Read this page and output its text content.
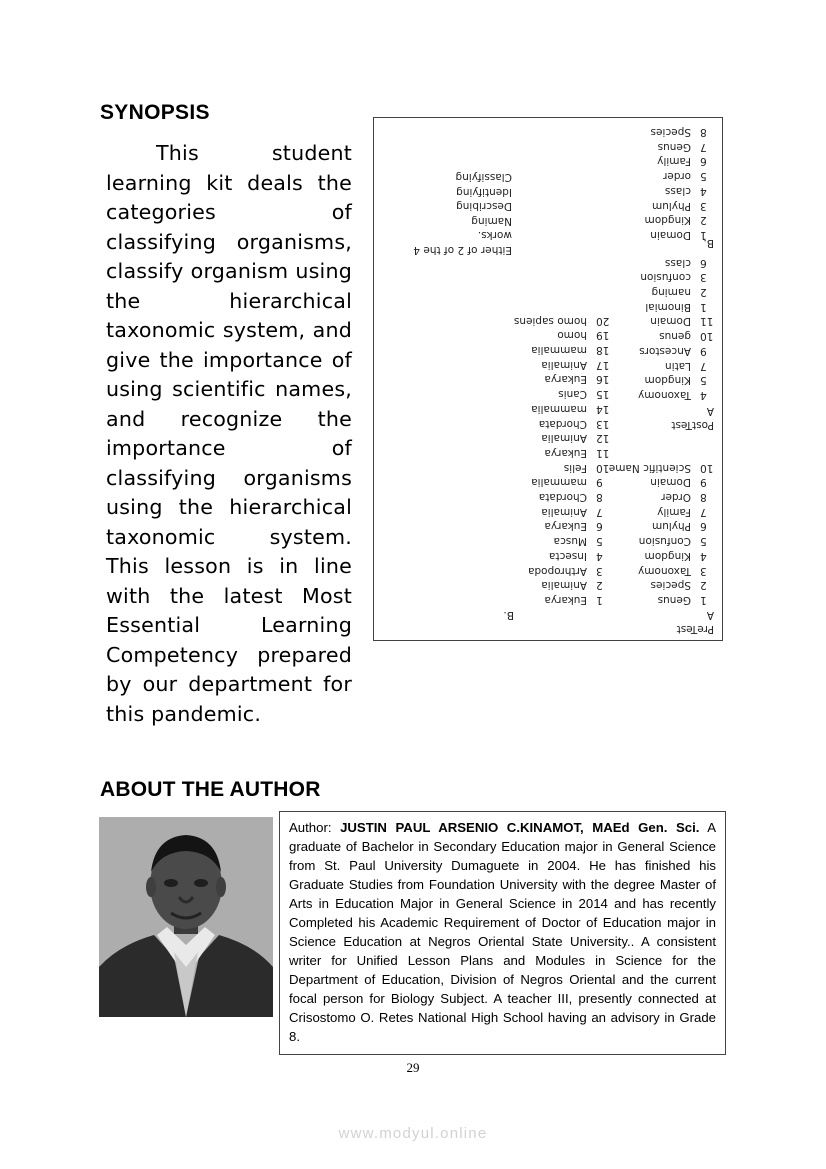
SYNOPSIS
This student learning kit deals the categories of classifying organisms, classify organism using the hierarchical taxonomic system, and give the importance of using scientific names, and recognize the importance of classifying organisms using the hierarchical taxonomic system. This lesson is in line with the latest Most Essential Learning Competency prepared by our department for this pandemic.
PreTest
A
B.
1Genus
2Species
3Taxonomy
4Kingdom
5Confusion
6Phylum
7Family
8Order
9Domain
10Scientific Name
1Eukarya
2Animalia
3Arthropoda
4Insecta
5Musca
6Eukarya
7Animalia
8Chordata
9mammalia
10Felis
11Eukarya
12Animalia
13Chordata
14mammalia
15Canis
16Eukarya
17Animalia
18mammalia
19homo
20homo sapiens
PostTest
A
4Taxonomy
5Kingdom
7Latin
9Ancestors
10genus
11Domain
1Binomial
2naming
3confusion
6class
B.
1Domain
2Kingdom
3Phylum
4class
5order
6Family
7Genus
8Species
Either of 2 of the 4
works.
Naming
Describing
Identifying
Classifying
ABOUT THE AUTHOR
Author: JUSTIN PAUL ARSENIO C.KINAMOT, MAEd Gen. Sci. A graduate of Bachelor in Secondary Education major in General Science from St. Paul University Dumaguete in 2004. He has finished his Graduate Studies from Foundation University with the degree Master of Arts in Education Major in General Science in 2014 and has recently Completed his Academic Requirement of Doctor of Education major in Science Education at Negros Oriental State University.. A consistent writer for Unified Lesson Plans and Modules in Science for the Department of Education, Division of Negros Oriental and the current focal person for Biology Subject. A teacher III, presently connected at Crisostomo O. Retes National High School having an advisory in Grade 8.
29
www.modyul.online
